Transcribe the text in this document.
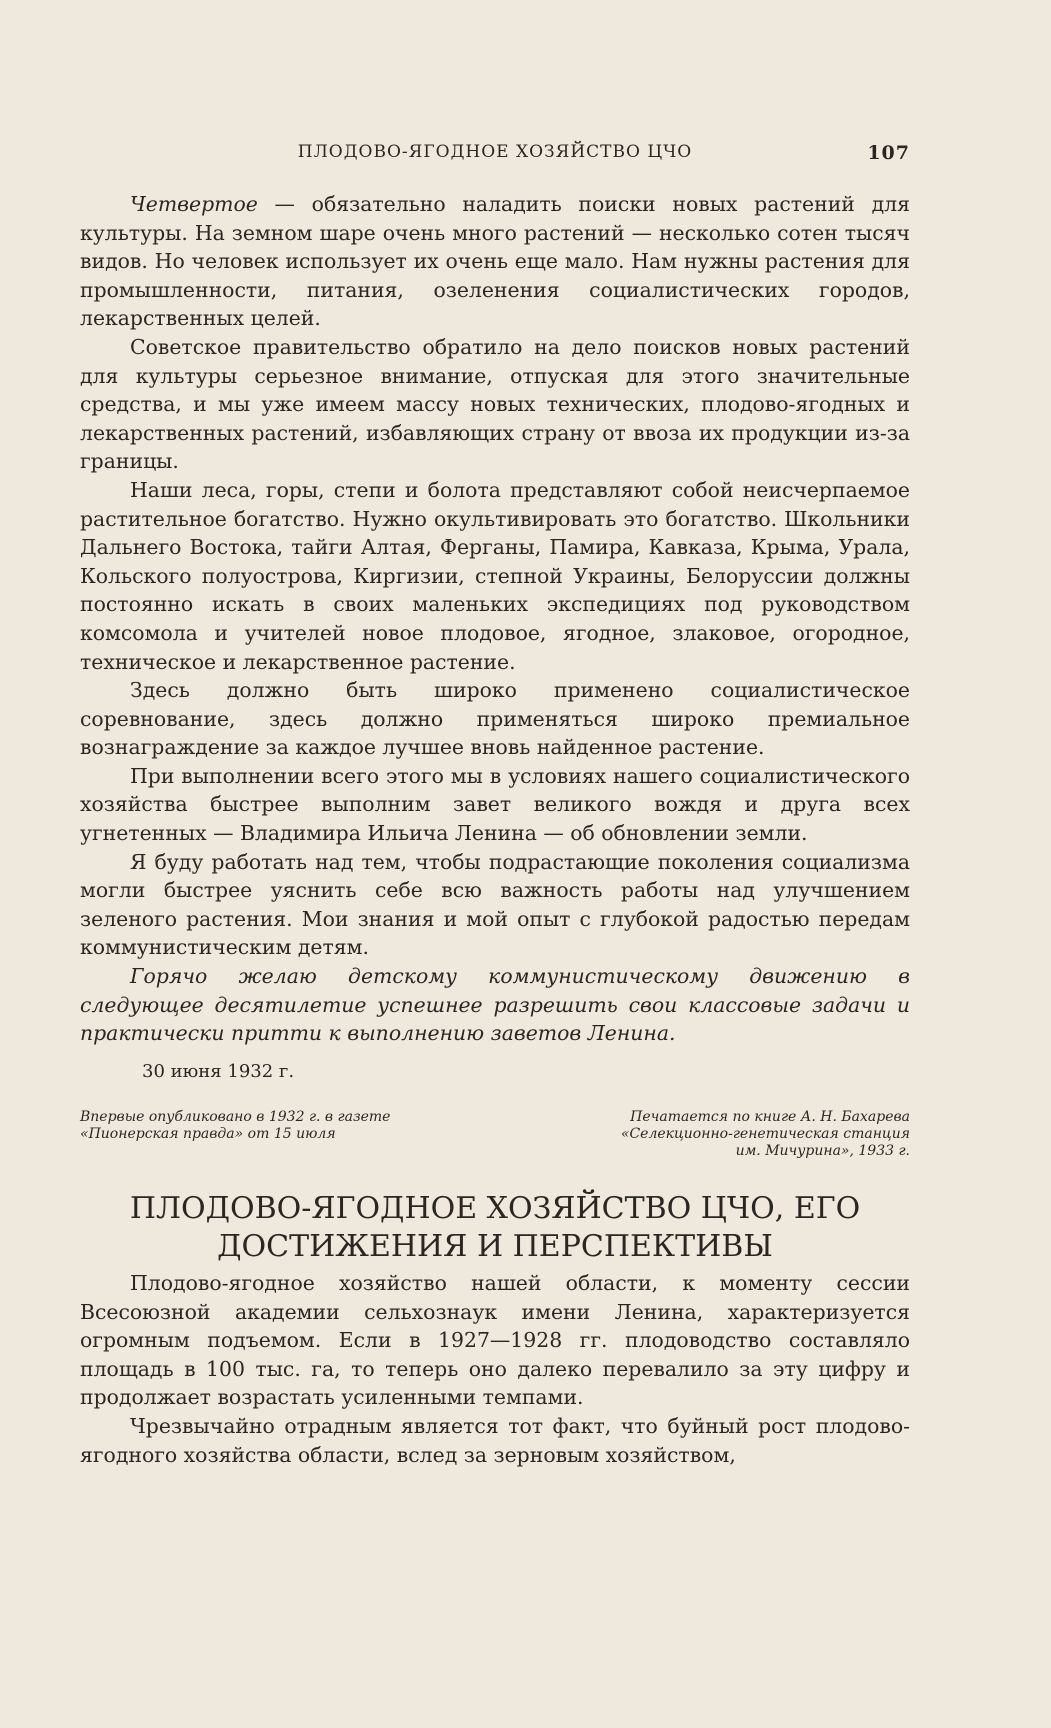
ПЛОДОВО-ЯГОДНОЕ ХОЗЯЙСТВО ЦЧО	107

Четвертое — обязательно наладить поиски новых растений для культуры. На земном шаре очень много растений — несколько сотен тысяч видов. Но человек использует их очень еще мало. Нам нужны растения для промышленности, питания, озеленения социалистических городов, лекарственных целей.

Советское правительство обратило на дело поисков новых растений для культуры серьезное внимание, отпуская для этого значительные средства, и мы уже имеем массу новых технических, плодово-ягодных и лекарственных растений, избавляющих страну от ввоза их продукции из-за границы.

Наши леса, горы, степи и болота представляют собой неисчерпаемое растительное богатство. Нужно окультивировать это богатство. Школьники Дальнего Востока, тайги Алтая, Ферганы, Памира, Кавказа, Крыма, Урала, Кольского полуострова, Киргизии, степной Украины, Белоруссии должны постоянно искать в своих маленьких экспедициях под руководством комсомола и учителей новое плодовое, ягодное, злаковое, огородное, техническое и лекарственное растение.

Здесь должно быть широко применено социалистическое соревнование, здесь должно применяться широко премиальное вознаграждение за каждое лучшее вновь найденное растение.

При выполнении всего этого мы в условиях нашего социалистического хозяйства быстрее выполним завет великого вождя и друга всех угнетенных — Владимира Ильича Ленина — об обновлении земли.

Я буду работать над тем, чтобы подрастающие поколения социализма могли быстрее уяснить себе всю важность работы над улучшением зеленого растения. Мои знания и мой опыт с глубокой радостью передам коммунистическим детям.

Горячо желаю детскому коммунистическому движению в следующее десятилетие успешнее разрешить свои классовые задачи и практически притти к выполнению заветов Ленина.

30 июня 1932 г.
Впервые опубликовано в 1932 г. в газете «Пионерская правда» от 15 июля
Печатается по книге А. Н. Бахарева «Селекционно-генетическая станция им. Мичурина», 1933 г.
ПЛОДОВО-ЯГОДНОЕ ХОЗЯЙСТВО ЦЧО, ЕГО ДОСТИЖЕНИЯ И ПЕРСПЕКТИВЫ

Плодово-ягодное хозяйство нашей области, к моменту сессии Всесоюзной академии сельхознаук имени Ленина, характеризуется огромным подъемом. Если в 1927—1928 гг. плодоводство составляло площадь в 100 тыс. га, то теперь оно далеко перевалило за эту цифру и продолжает возрастать усиленными темпами.

Чрезвычайно отрадным является тот факт, что буйный рост плодово-ягодного хозяйства области, вслед за зерновым хозяйством,
